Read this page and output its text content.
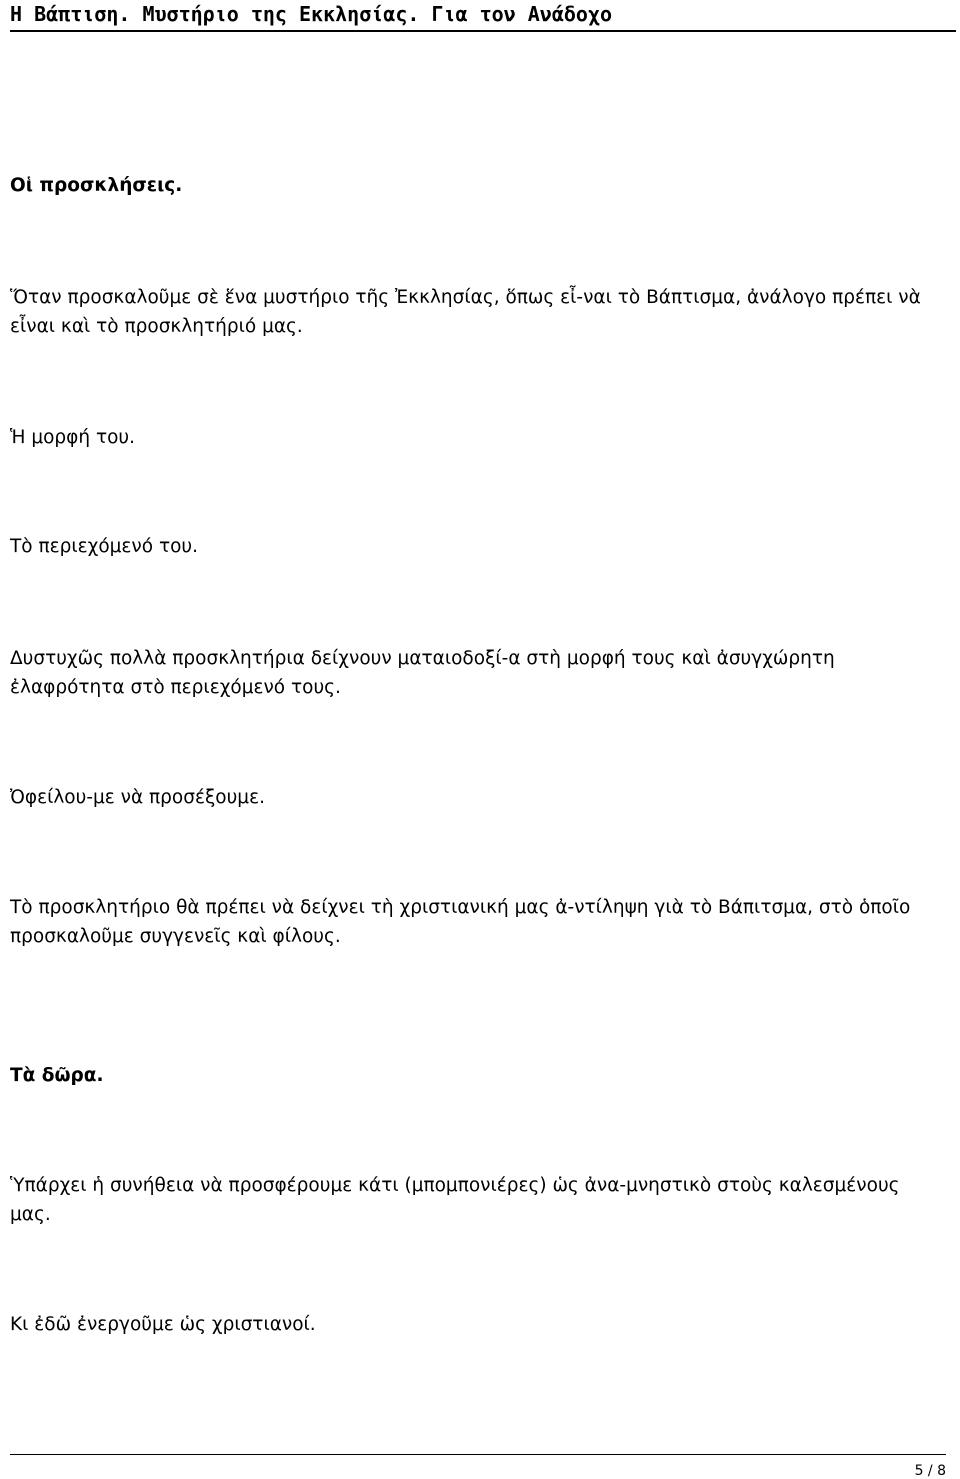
Η Βάπτιση. Μυστήριο της Εκκλησίας. Για τον Ανάδοχο

Οἱ προσκλήσεις.

Ὅταν προσκαλοῦμε σὲ ἕνα μυστήριο τῆς Ἐκκλησίας, ὅπως εἶ-ναι τὸ Βάπτισμα, ἀνάλογο πρέπει νὰ εἶναι καὶ τὸ προσκλητήριό μας.

Ἡ μορφή του.

Τὸ περιεχόμενό του.

Δυστυχῶς πολλὰ προσκλητήρια δείχνουν ματαιοδοξί-α στὴ μορφή τους καὶ ἀσυγχώρητη ἐλαφρότητα στὸ περιεχόμενό τους.

Ὀφείλου-με νὰ προσέξουμε.

Τὸ προσκλητήριο θὰ πρέπει νὰ δείχνει τὴ χριστιανική μας ἀ-ντίληψη γιὰ τὸ Βάπιτσμα, στὸ ὁποῖο προσκαλοῦμε συγγενεῖς καὶ φίλους.

Τὰ δῶρα.

Ὑπάρχει ἡ συνήθεια νὰ προσφέρουμε κάτι (μπομπονιέρες) ὡς ἀνα-μνηστικὸ στοὺς καλεσμένους μας.

Κι ἐδῶ ἐνεργοῦμε ὡς χριστιανοί.

5 / 8
